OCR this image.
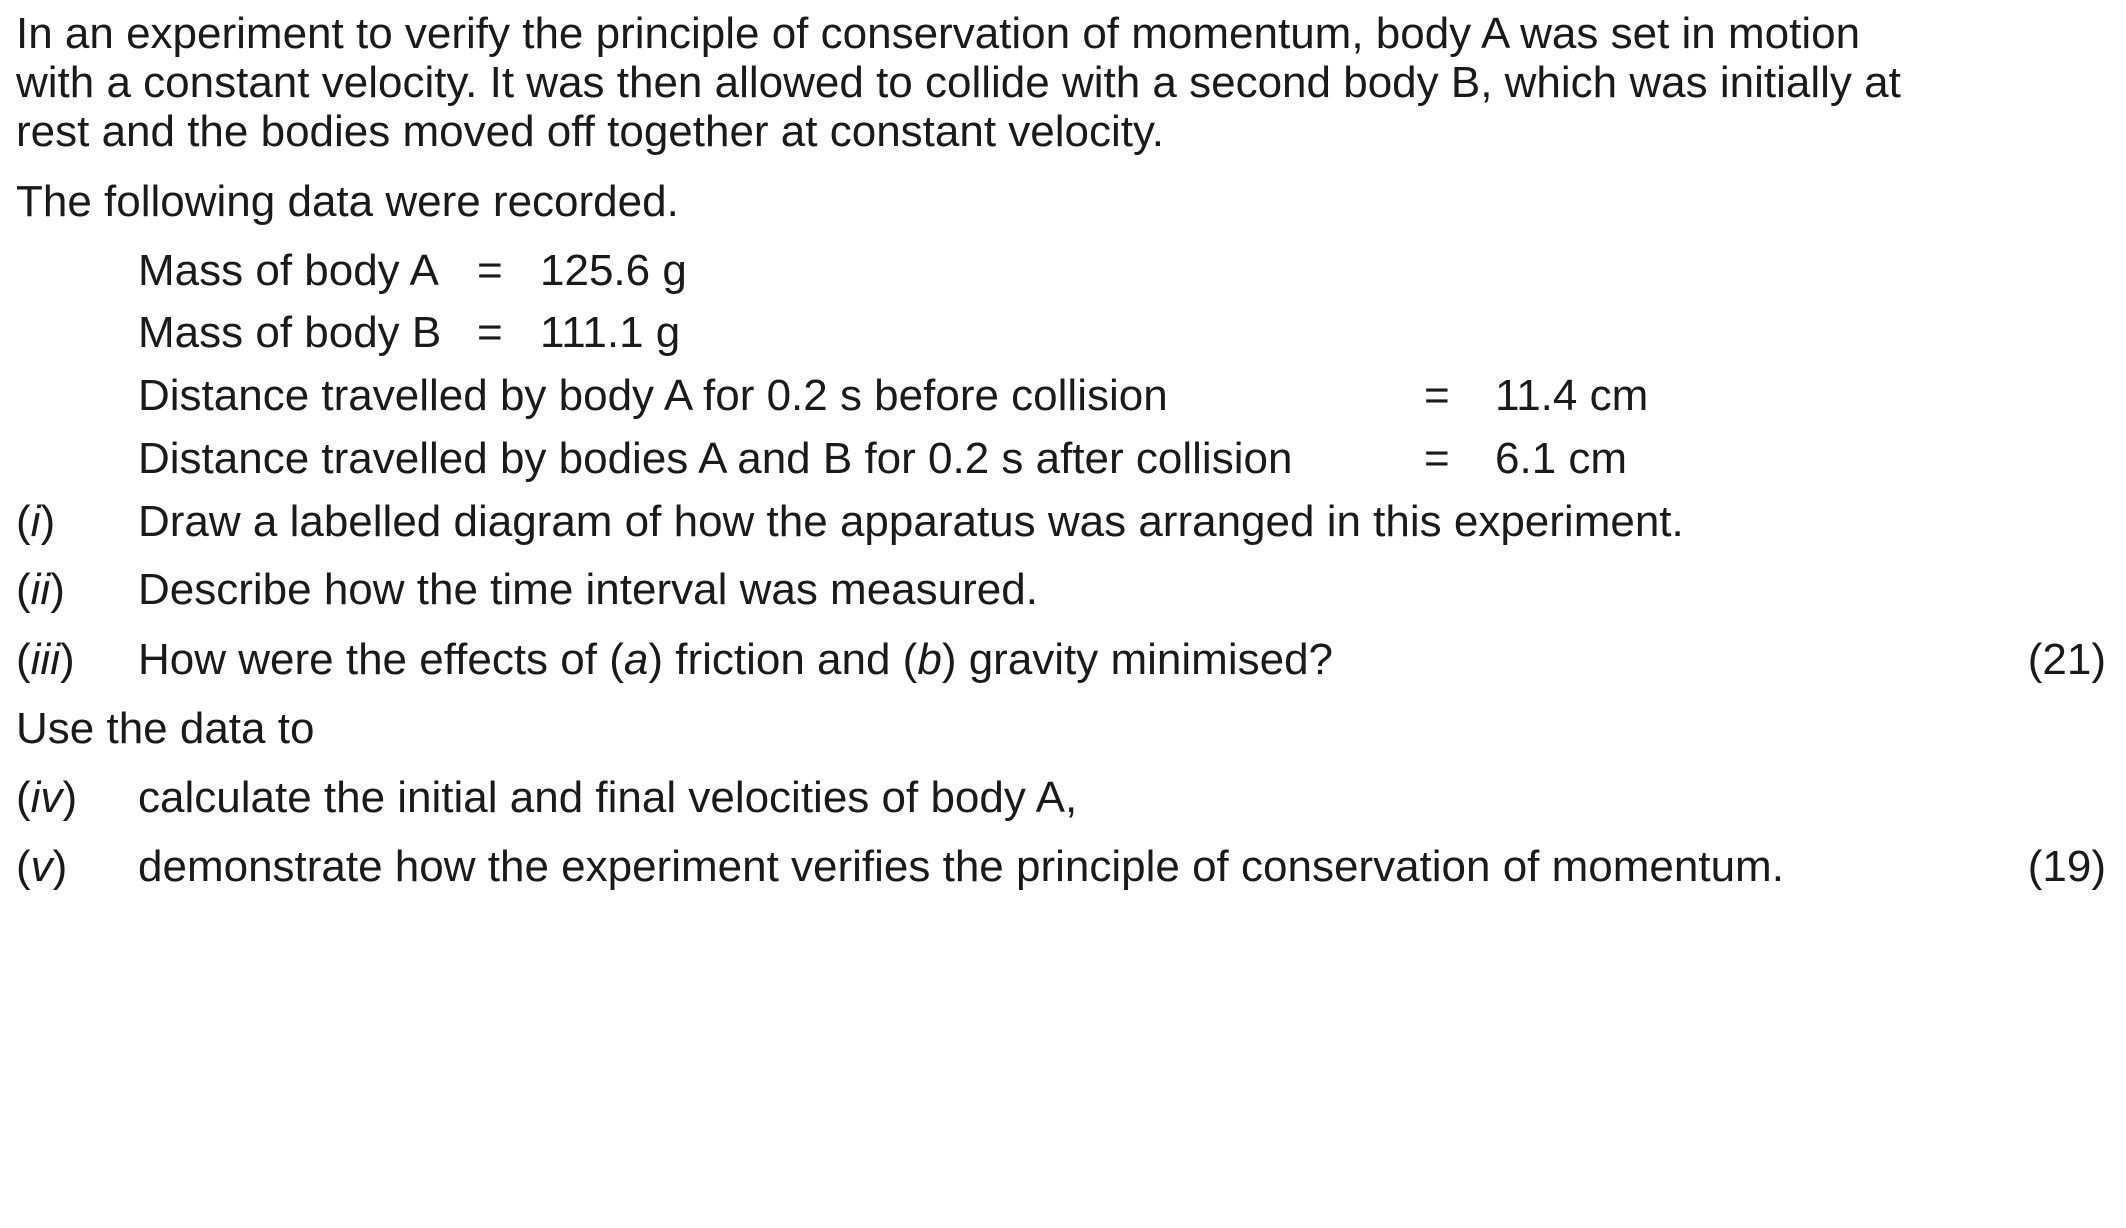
In an experiment to verify the principle of conservation of momentum, body A was set in motion

with a constant velocity. It was then allowed to collide with a second body B, which was initially at

rest and the bodies moved off together at constant velocity.

The following data were recorded.

Mass of body A = 125.6 g
Mass of body B = 111.1 g
Distance travelled by body A for 0.2 s before collision	= 11.4 cm
Distance travelled by bodies A and B for 0.2 s after collision	= 6.1 cm
(i) Draw a labelled diagram of how the apparatus was arranged in this experiment.
(ii) Describe how the time interval was measured.
(iii) How were the effects of (a) friction and (b) gravity minimised?	(21)

Use the data to

(iv) calculate the initial and final velocities of body A,
(v) demonstrate how the experiment verifies the principle of conservation of momentum.	(19)
